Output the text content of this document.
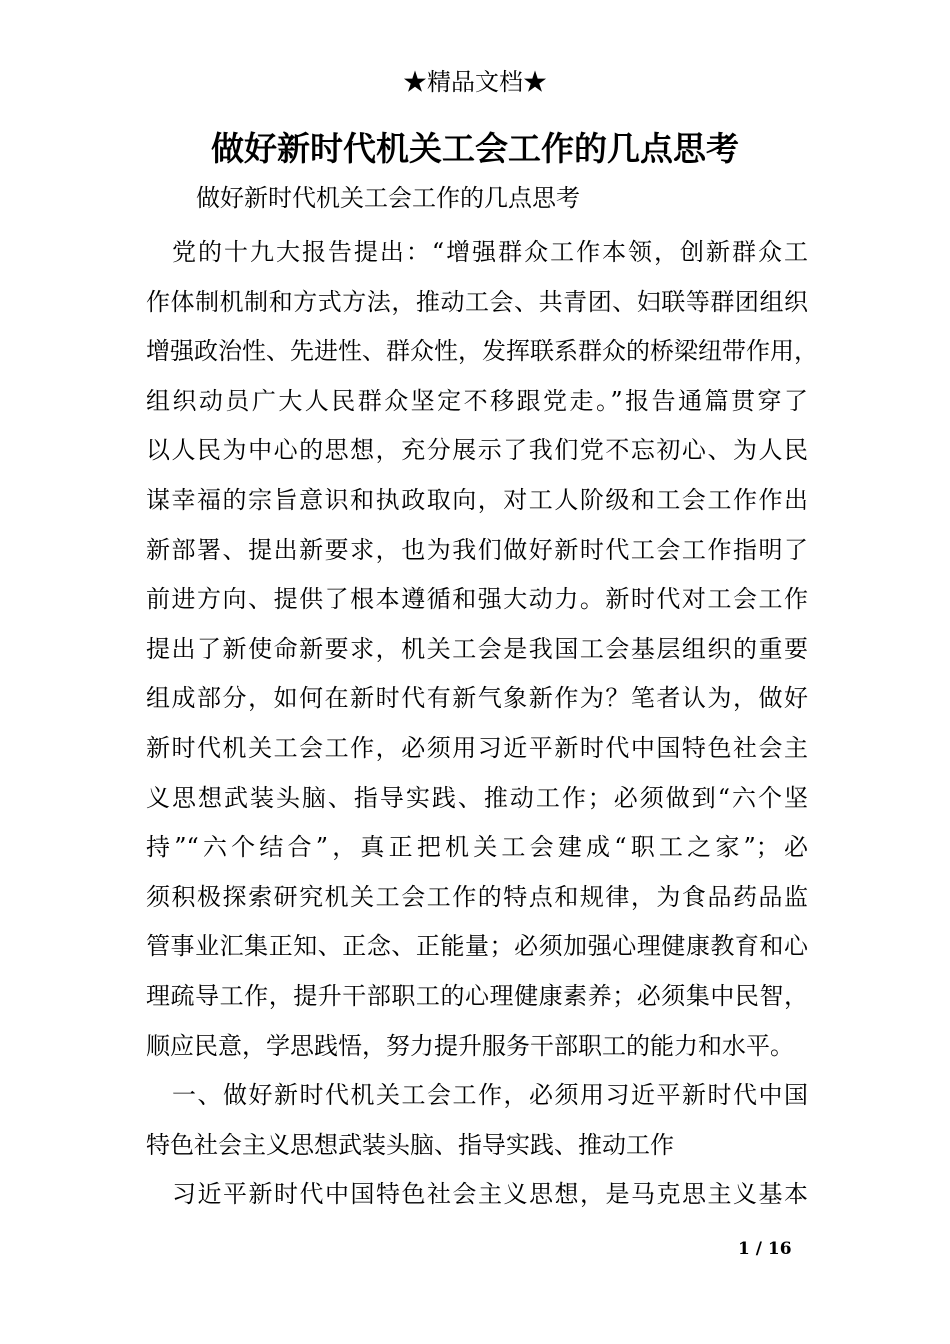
★精品文档★
做好新时代机关工会工作的几点思考
做好新时代机关工会工作的几点思考
党的十九大报告提出：“增强群众工作本领，创新群众工
作体制机制和方式方法，推动工会、共青团、妇联等群团组织
增强政治性、先进性、群众性，发挥联系群众的桥梁纽带作用，
组织动员广大人民群众坚定不移跟党走。”报告通篇贯穿了
以人民为中心的思想，充分展示了我们党不忘初心、为人民
谋幸福的宗旨意识和执政取向，对工人阶级和工会工作作出
新部署、提出新要求，也为我们做好新时代工会工作指明了
前进方向、提供了根本遵循和强大动力。新时代对工会工作
提出了新使命新要求，机关工会是我国工会基层组织的重要
组成部分，如何在新时代有新气象新作为？笔者认为，做好
新时代机关工会工作，必须用习近平新时代中国特色社会主
义思想武装头脑、指导实践、推动工作；必须做到“六个坚
持”“六个结合”，真正把机关工会建成“职工之家”；必
须积极探索研究机关工会工作的特点和规律，为食品药品监
管事业汇集正知、正念、正能量；必须加强心理健康教育和心
理疏导工作，提升干部职工的心理健康素养；必须集中民智，
顺应民意，学思践悟，努力提升服务干部职工的能力和水平。
一、做好新时代机关工会工作，必须用习近平新时代中国
特色社会主义思想武装头脑、指导实践、推动工作
习近平新时代中国特色社会主义思想，是马克思主义基本
1 / 16
